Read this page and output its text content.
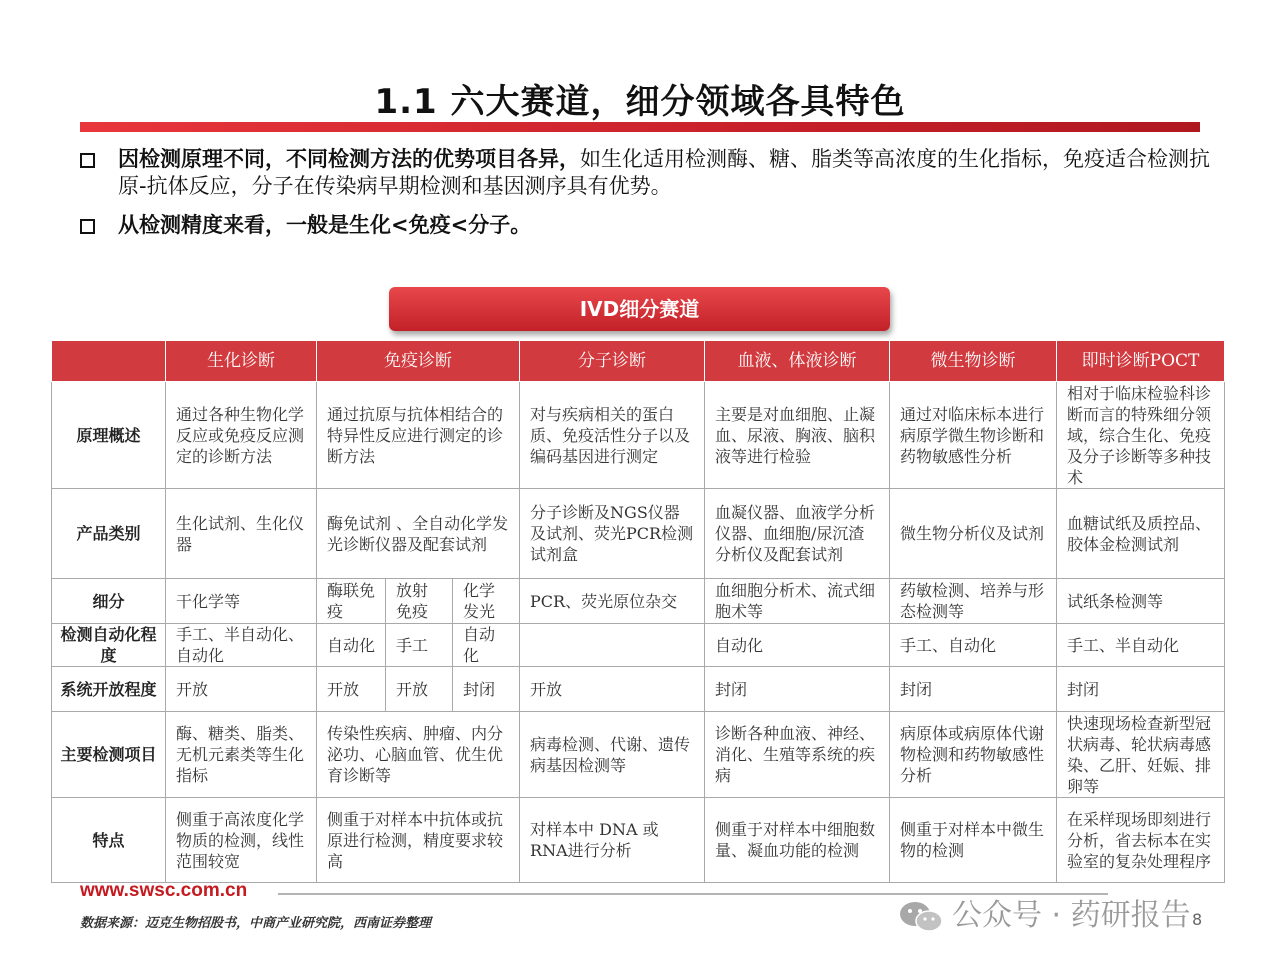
1.1 六大赛道，细分领域各具特色
因检测原理不同，不同检测方法的优势项目各异，如生化适用检测酶、糖、脂类等高浓度的生化指标，免疫适合检测抗原-抗体反应，分子在传染病早期检测和基因测序具有优势。
从检测精度来看，一般是生化<免疫<分子。
IVD细分赛道
	生化诊断	免疫诊断			分子诊断	血液、体液诊断	微生物诊断	即时诊断POCT
原理概述	通过各种生物化学反应或免疫反应测定的诊断方法	通过抗原与抗体相结合的特异性反应进行测定的诊断方法			对与疾病相关的蛋白质、免疫活性分子以及编码基因进行测定	主要是对血细胞、止凝血、尿液、胸液、脑积液等进行检验	通过对临床标本进行病原学微生物诊断和药物敏感性分析	相对于临床检验科诊断而言的特殊细分领域，综合生化、免疫及分子诊断等多种技术
产品类别	生化试剂、生化仪器	酶免试剂 、全自动化学发光诊断仪器及配套试剂			分子诊断及NGS仪器及试剂、荧光PCR检测试剂盒	血凝仪器、血液学分析仪器、血细胞/尿沉渣分析仪及配套试剂	微生物分析仪及试剂	血糖试纸及质控品、胶体金检测试剂
细分	干化学等	酶联免疫	放射免疫	化学发光	PCR、荧光原位杂交	血细胞分析术、流式细胞术等	药敏检测、培养与形态检测等	试纸条检测等
检测自动化程度	手工、半自动化、自动化	自动化	手工	自动化		自动化	手工、自动化	手工、半自动化
系统开放程度	开放	开放	开放	封闭	开放	封闭	封闭	封闭
主要检测项目	酶、糖类、脂类、无机元素类等生化指标	传染性疾病、肿瘤、内分泌功、心脑血管、优生优育诊断等			病毒检测、代谢、遗传病基因检测等	诊断各种血液、神经、消化、生殖等系统的疾病	病原体或病原体代谢物检测和药物敏感性分析	快速现场检查新型冠状病毒、轮状病毒感染、乙肝、妊娠、排卵等
特点	侧重于高浓度化学物质的检测，线性范围较宽	侧重于对样本中抗体或抗原进行检测，精度要求较高			对样本中 DNA 或RNA进行分析	侧重于对样本中细胞数量、凝血功能的检测	侧重于对样本中微生物的检测	在采样现场即刻进行分析，省去标本在实验室的复杂处理程序
www.swsc.com.cn
数据来源：迈克生物招股书，中商产业研究院，西南证券整理	公众号 · 药研报告 8
